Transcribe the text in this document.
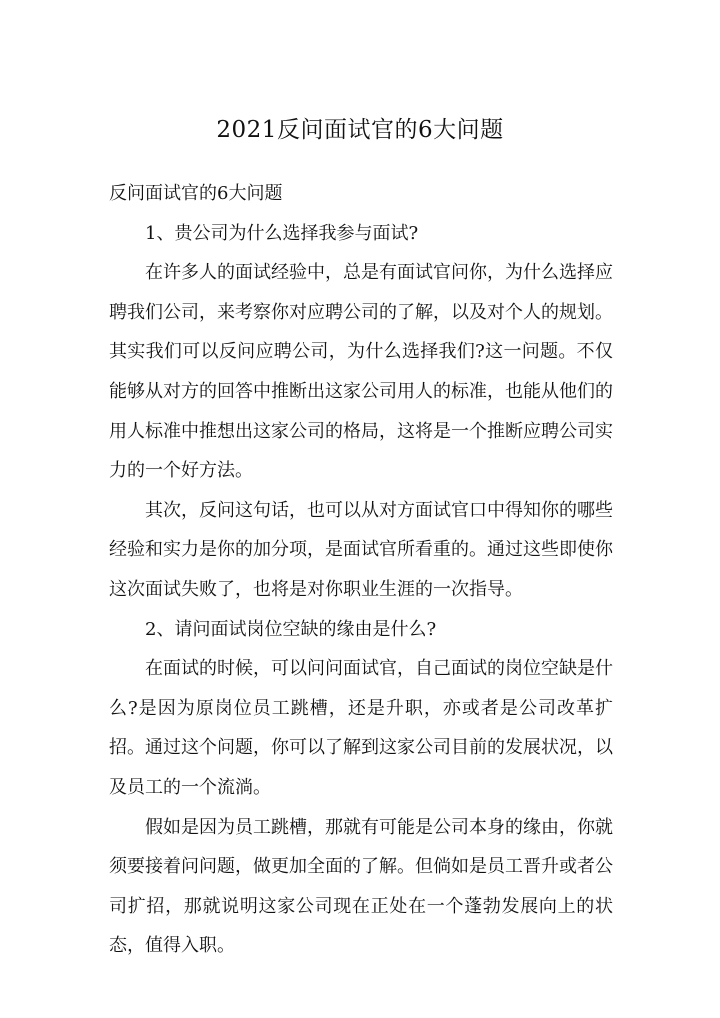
2021反问面试官的6大问题

反问面试官的6大问题

1、贵公司为什么选择我参与面试?

在许多人的面试经验中，总是有面试官问你，为什么选择应聘我们公司，来考察你对应聘公司的了解，以及对个人的规划。其实我们可以反问应聘公司，为什么选择我们?这一问题。不仅能够从对方的回答中推断出这家公司用人的标准，也能从他们的用人标准中推想出这家公司的格局，这将是一个推断应聘公司实力的一个好方法。

其次，反问这句话，也可以从对方面试官口中得知你的哪些经验和实力是你的加分项，是面试官所看重的。通过这些即使你这次面试失败了，也将是对你职业生涯的一次指导。

2、请问面试岗位空缺的缘由是什么?

在面试的时候，可以问问面试官，自己面试的岗位空缺是什么?是因为原岗位员工跳槽，还是升职，亦或者是公司改革扩招。通过这个问题，你可以了解到这家公司目前的发展状况，以及员工的一个流淌。

假如是因为员工跳槽，那就有可能是公司本身的缘由，你就须要接着问问题，做更加全面的了解。但倘如是员工晋升或者公司扩招，那就说明这家公司现在正处在一个蓬勃发展向上的状态，值得入职。
